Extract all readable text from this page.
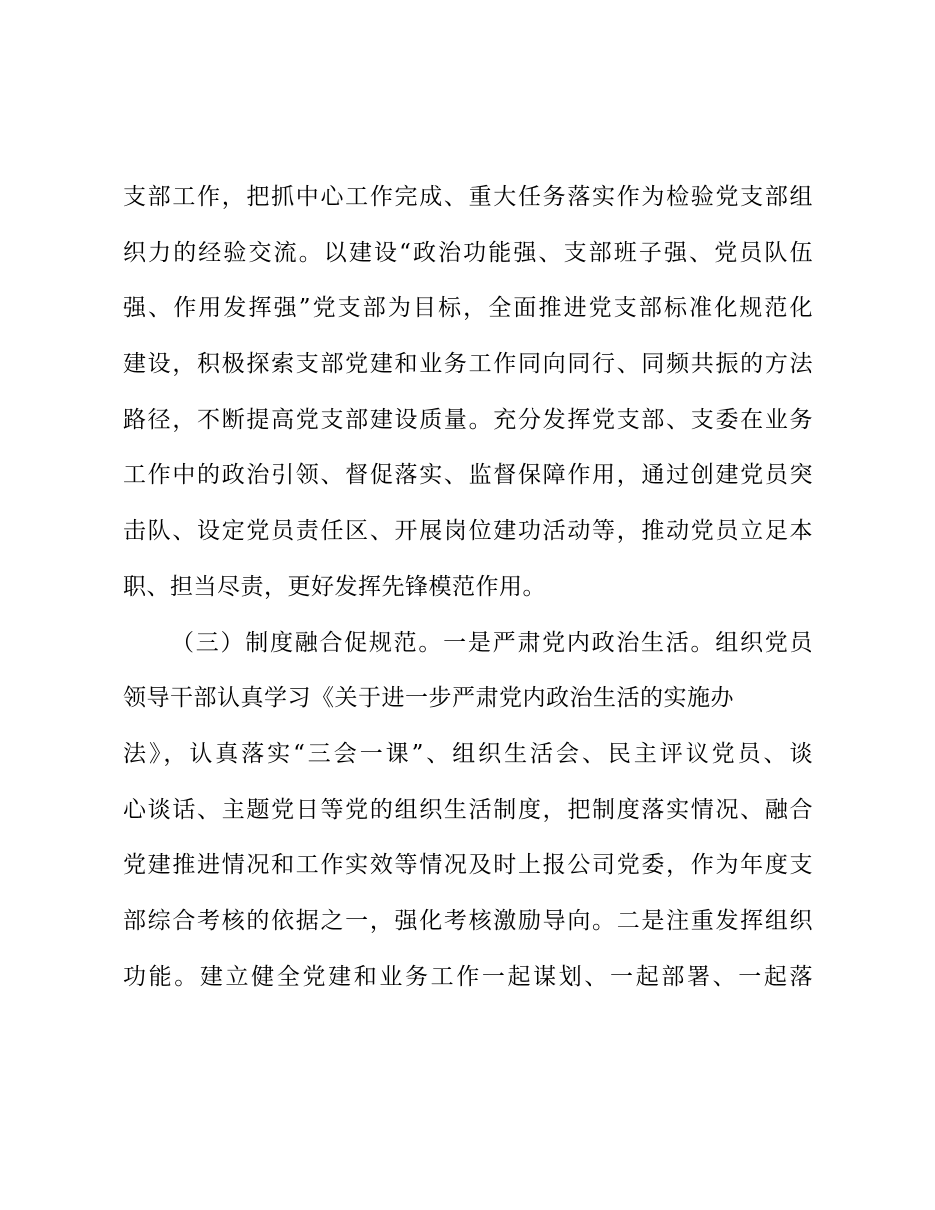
支部工作，把抓中心工作完成、重大任务落实作为检验党支部组
织力的经验交流。以建设“政治功能强、支部班子强、党员队伍
强、作用发挥强”党支部为目标，全面推进党支部标准化规范化
建设，积极探索支部党建和业务工作同向同行、同频共振的方法
路径，不断提高党支部建设质量。充分发挥党支部、支委在业务
工作中的政治引领、督促落实、监督保障作用，通过创建党员突
击队、设定党员责任区、开展岗位建功活动等，推动党员立足本
职、担当尽责，更好发挥先锋模范作用。
（三）制度融合促规范。一是严肃党内政治生活。组织党员
领导干部认真学习《关于进一步严肃党内政治生活的实施办
法》，认真落实“三会一课”、组织生活会、民主评议党员、谈
心谈话、主题党日等党的组织生活制度，把制度落实情况、融合
党建推进情况和工作实效等情况及时上报公司党委，作为年度支
部综合考核的依据之一，强化考核激励导向。二是注重发挥组织
功能。建立健全党建和业务工作一起谋划、一起部署、一起落
